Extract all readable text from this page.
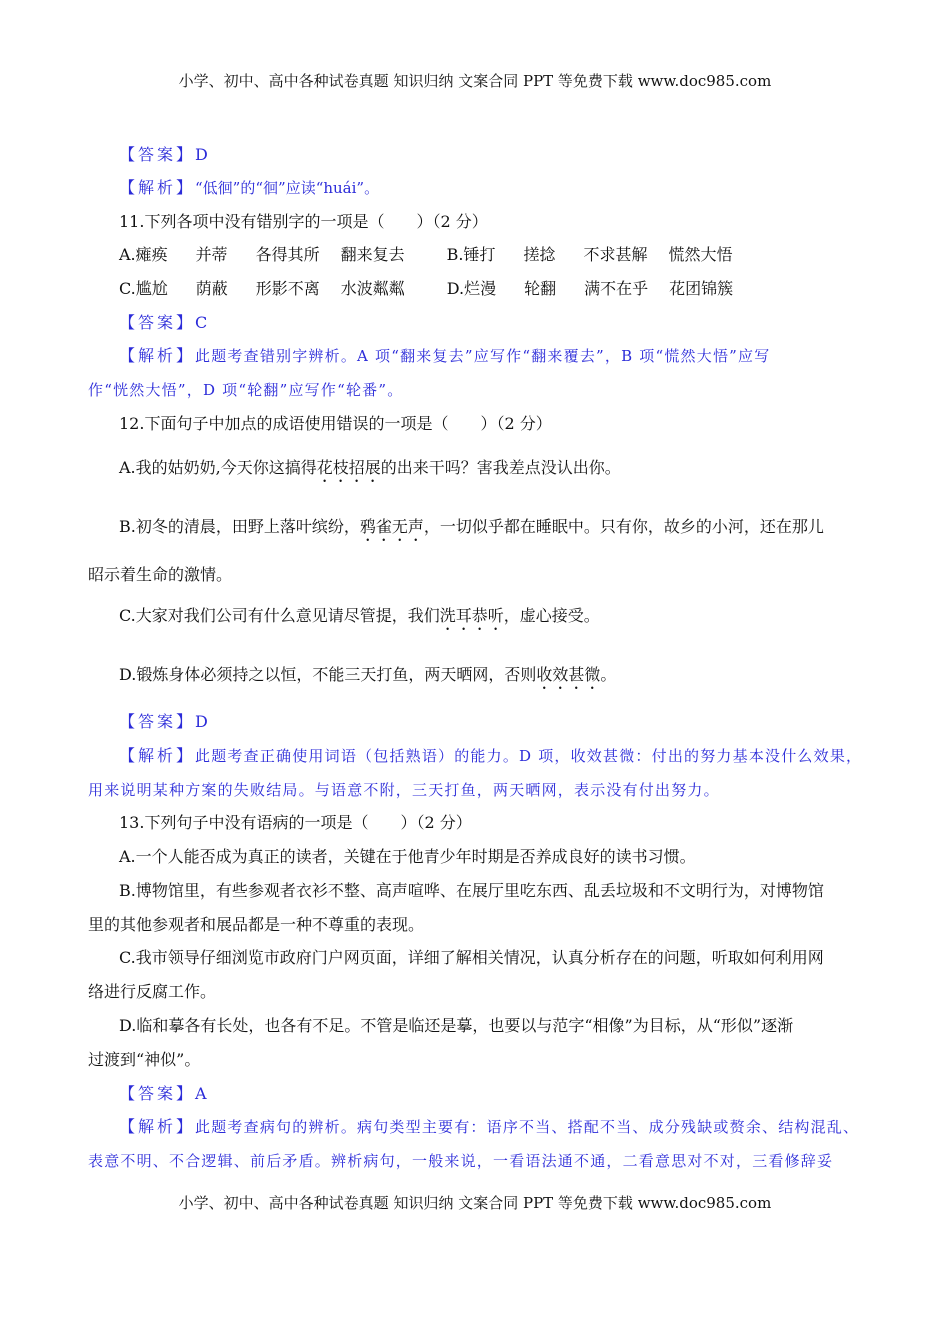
小学、初中、高中各种试卷真题 知识归纳 文案合同 PPT 等免费下载 www.doc985.com
【答案】D
【解析】“低徊”的“徊”应读“huái”。
11.下列各项中没有错别字的一项是（　　）（2 分）
A.瘫痪 并蒂 各得其所 翻来复去	B.锤打 搓捻 不求甚解 慌然大悟
C.尴尬 荫蔽 形影不离 水波粼粼	D.烂漫 轮翻 满不在乎 花团锦簇
【答案】C
【解析】此题考查错别字辨析。A 项“翻来复去”应写作“翻来覆去”，B 项“慌然大悟”应写
作“恍然大悟”，D 项“轮翻”应写作“轮番”。
12.下面句子中加点的成语使用错误的一项是（　　）（2 分）
A.我的姑奶奶,今天你这搞得花枝招展的出来干吗？害我差点没认出你。
B.初冬的清晨，田野上落叶缤纷，鸦雀无声，一切似乎都在睡眠中。只有你，故乡的小河，还在那儿
昭示着生命的激情。
C.大家对我们公司有什么意见请尽管提，我们洗耳恭听，虚心接受。
D.锻炼身体必须持之以恒，不能三天打鱼，两天晒网，否则收效甚微。
【答案】D
【解析】此题考查正确使用词语（包括熟语）的能力。D 项，收效甚微：付出的努力基本没什么效果，
用来说明某种方案的失败结局。与语意不附，三天打鱼，两天晒网，表示没有付出努力。
13.下列句子中没有语病的一项是（　　）（2 分）
A.一个人能否成为真正的读者，关键在于他青少年时期是否养成良好的读书习惯。
B.博物馆里，有些参观者衣衫不整、高声喧哗、在展厅里吃东西、乱丢垃圾和不文明行为，对博物馆
里的其他参观者和展品都是一种不尊重的表现。
C.我市领导仔细浏览市政府门户网页面，详细了解相关情况，认真分析存在的问题，听取如何利用网
络进行反腐工作。
D.临和摹各有长处，也各有不足。不管是临还是摹，也要以与范字“相像”为目标，从“形似”逐渐
过渡到“神似”。
【答案】A
【解析】此题考查病句的辨析。病句类型主要有：语序不当、搭配不当、成分残缺或赘余、结构混乱、
表意不明、不合逻辑、前后矛盾。辨析病句，一般来说，一看语法通不通，二看意思对不对，三看修辞妥
小学、初中、高中各种试卷真题 知识归纳 文案合同 PPT 等免费下载 www.doc985.com
